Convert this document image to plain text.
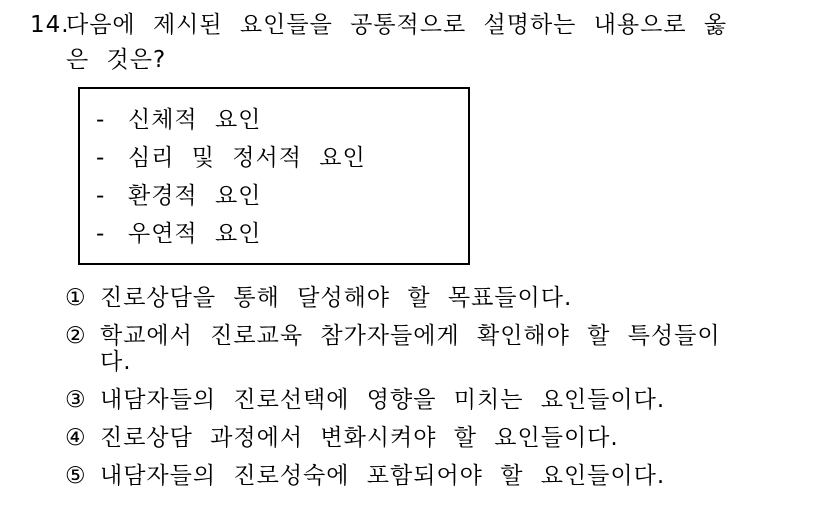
14.
다음에 제시된 요인들을 공통적으로 설명하는 내용으로 옳
은 것은?
- 신체적 요인
- 심리 및 정서적 요인
- 환경적 요인
- 우연적 요인
① 진로상담을 통해 달성해야 할 목표들이다.
② 학교에서 진로교육 참가자들에게 확인해야 할 특성들이
다.
③ 내담자들의 진로선택에 영향을 미치는 요인들이다.
④ 진로상담 과정에서 변화시켜야 할 요인들이다.
⑤ 내담자들의 진로성숙에 포함되어야 할 요인들이다.
